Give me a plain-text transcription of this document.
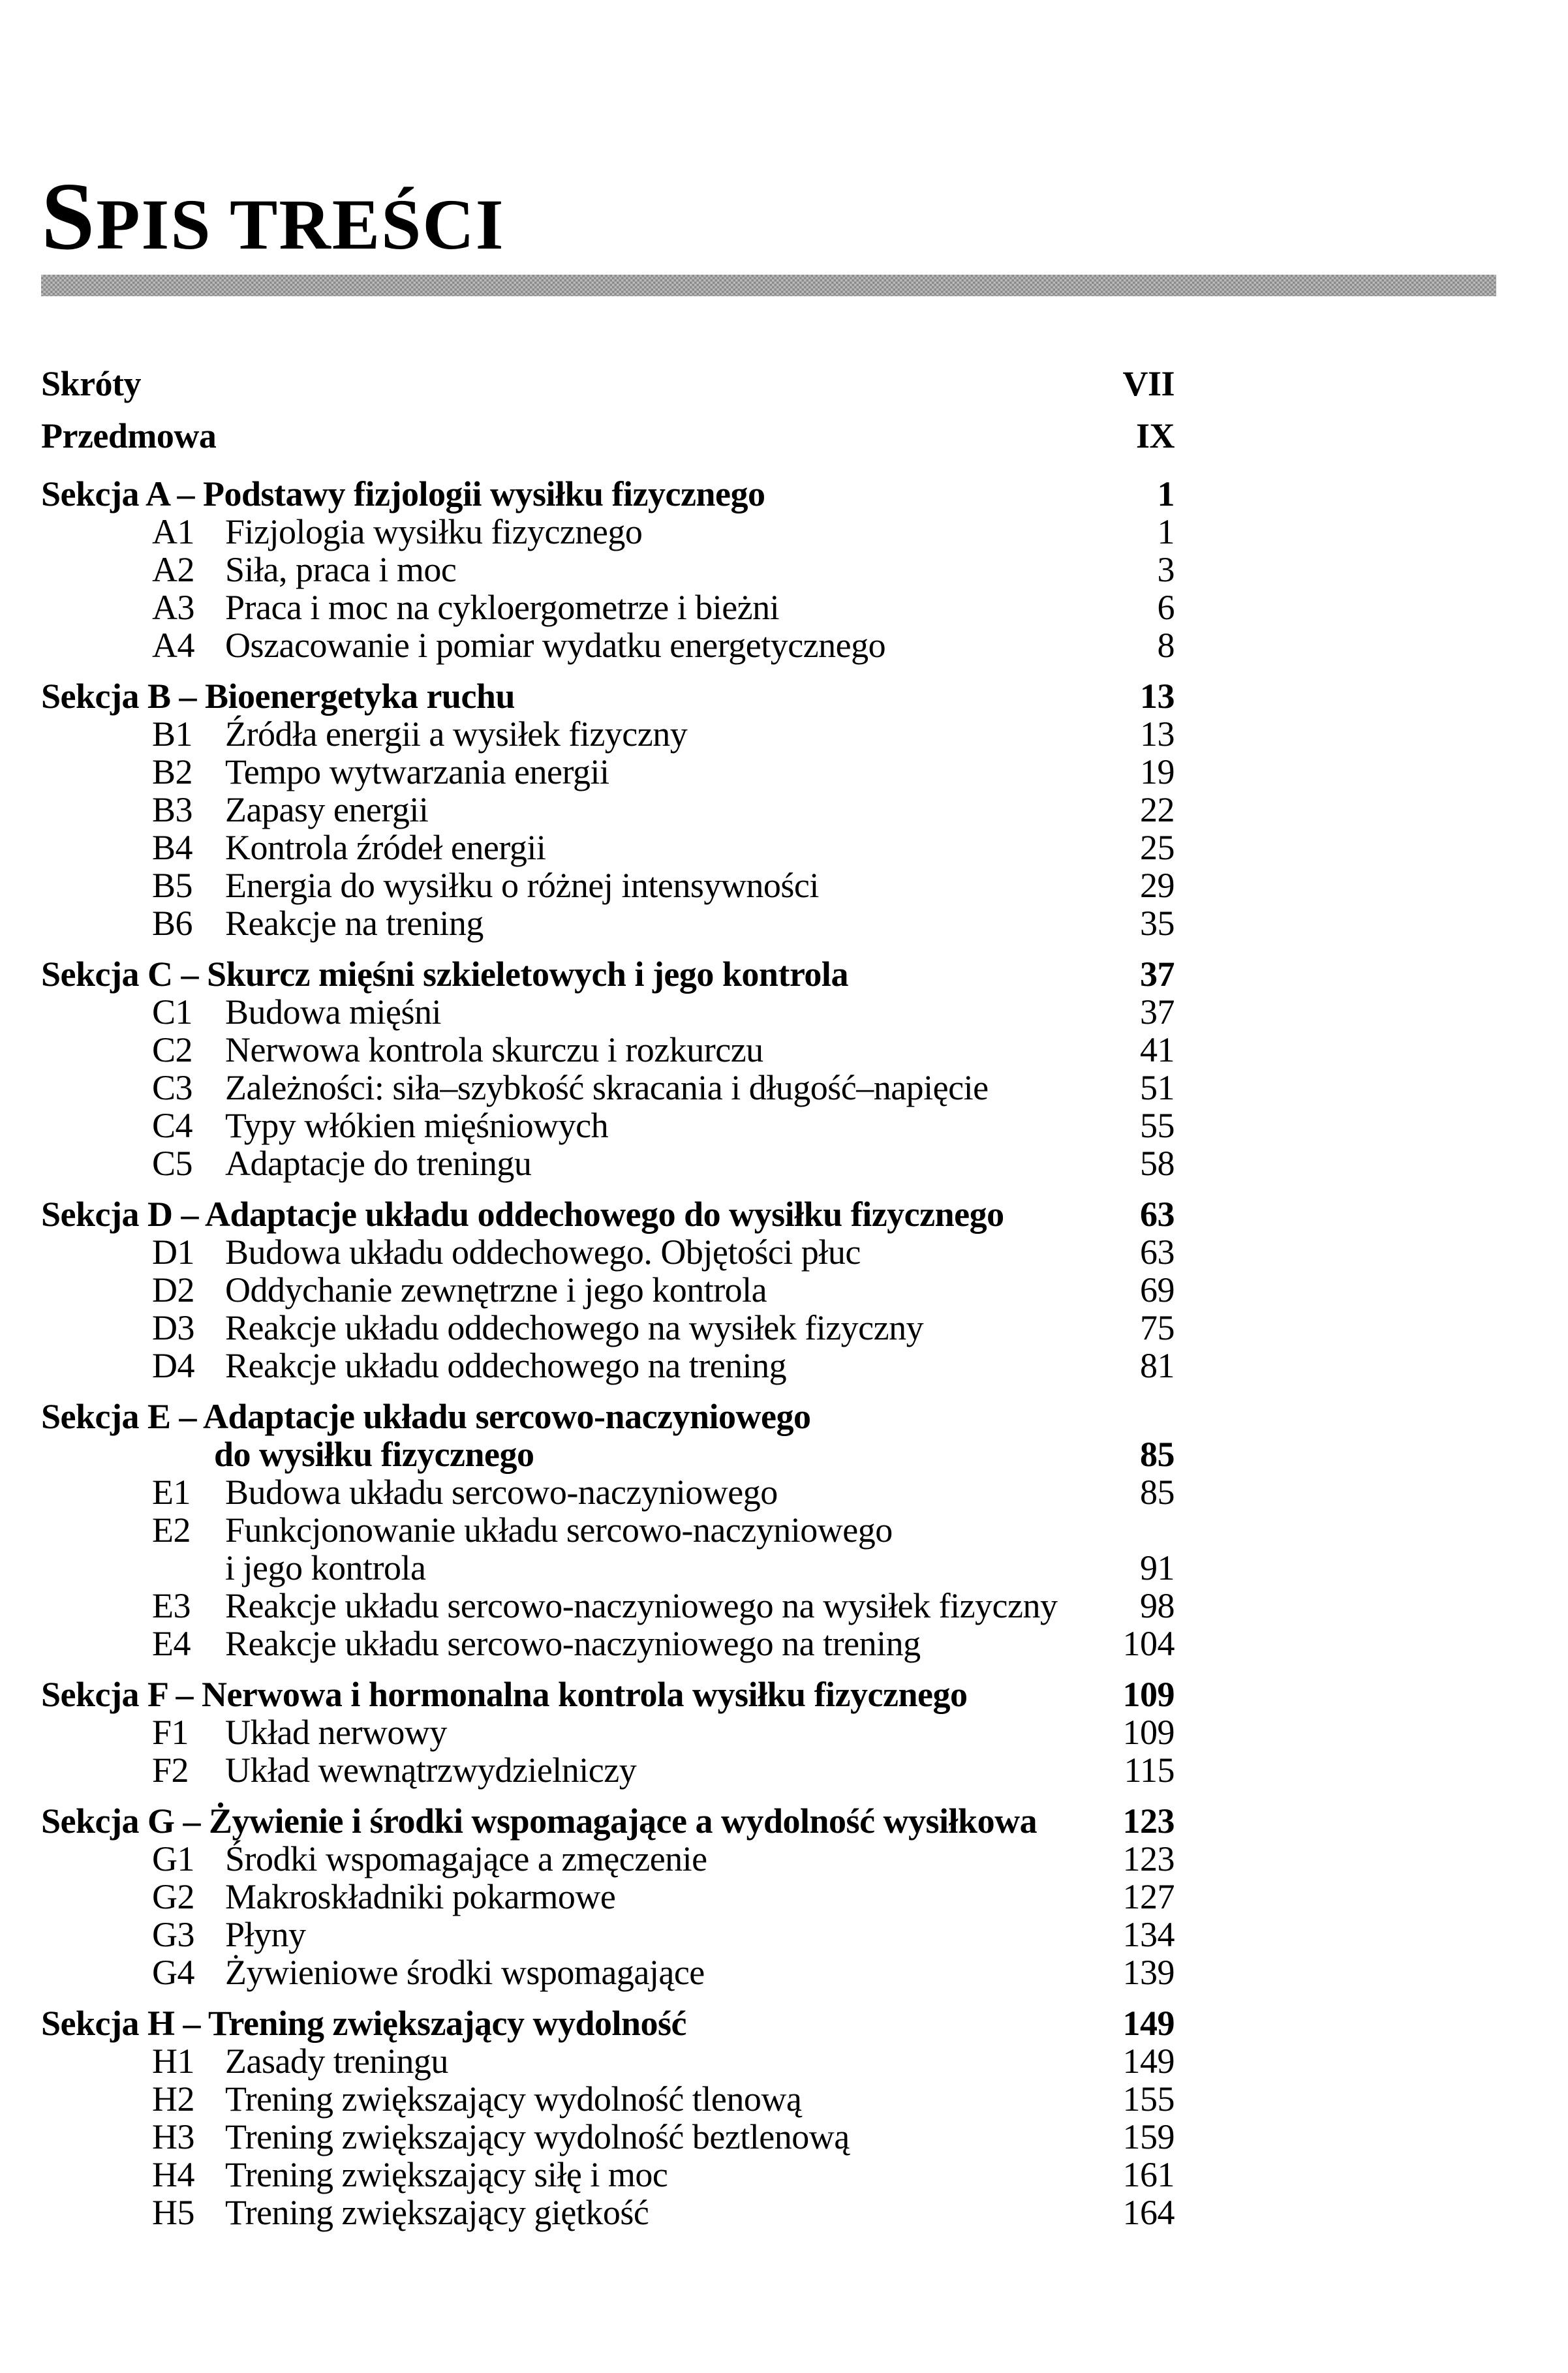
SPIS TREŚCI
Skróty	VII
Przedmowa	IX
Sekcja A – Podstawy fizjologii wysiłku fizycznego	1
A1 Fizjologia wysiłku fizycznego	1
A2 Siła, praca i moc	3
A3 Praca i moc na cykloergometrze i bieżni	6
A4 Oszacowanie i pomiar wydatku energetycznego	8
Sekcja B – Bioenergetyka ruchu	13
B1 Źródła energii a wysiłek fizyczny	13
B2 Tempo wytwarzania energii	19
B3 Zapasy energii	22
B4 Kontrola źródeł energii	25
B5 Energia do wysiłku o różnej intensywności	29
B6 Reakcje na trening	35
Sekcja C – Skurcz mięśni szkieletowych i jego kontrola	37
C1 Budowa mięśni	37
C2 Nerwowa kontrola skurczu i rozkurczu	41
C3 Zależności: siła–szybkość skracania i długość–napięcie	51
C4 Typy włókien mięśniowych	55
C5 Adaptacje do treningu	58
Sekcja D – Adaptacje układu oddechowego do wysiłku fizycznego	63
D1 Budowa układu oddechowego. Objętości płuc	63
D2 Oddychanie zewnętrzne i jego kontrola	69
D3 Reakcje układu oddechowego na wysiłek fizyczny	75
D4 Reakcje układu oddechowego na trening	81
Sekcja E – Adaptacje układu sercowo-naczyniowego
do wysiłku fizycznego	85
E1 Budowa układu sercowo-naczyniowego	85
E2 Funkcjonowanie układu sercowo-naczyniowego
i jego kontrola	91
E3 Reakcje układu sercowo-naczyniowego na wysiłek fizyczny	98
E4 Reakcje układu sercowo-naczyniowego na trening	104
Sekcja F – Nerwowa i hormonalna kontrola wysiłku fizycznego	109
F1	Układ nerwowy	109
F2	Układ wewnątrzwydzielniczy	115
Sekcja G – Żywienie i środki wspomagające a wydolność wysiłkowa	123
G1 Środki wspomagające a zmęczenie	123
G2 Makroskładniki pokarmowe	127
G3 Płyny	134
G4 Żywieniowe środki wspomagające	139
Sekcja H – Trening zwiększający wydolność	149
H1 Zasady treningu	149
H2 Trening zwiększający wydolność tlenową	155
H3 Trening zwiększający wydolność beztlenową	159
H4 Trening zwiększający siłę i moc	161
H5 Trening zwiększający giętkość	164
